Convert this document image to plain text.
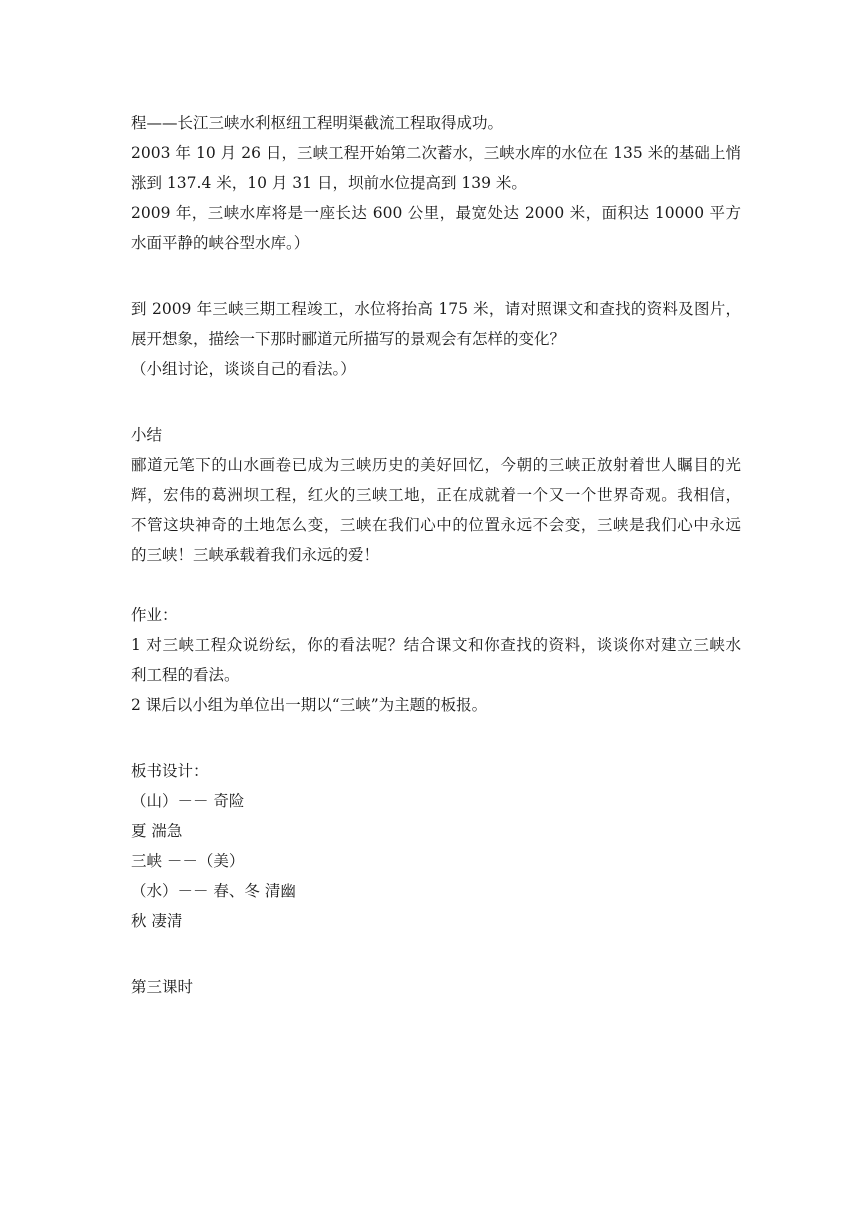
程——长江三峡水利枢纽工程明渠截流工程取得成功。
2003 年 10 月 26 日，三峡工程开始第二次蓄水，三峡水库的水位在 135 米的基础上悄
涨到 137.4 米，10 月 31 日，坝前水位提高到 139 米。
2009 年，三峡水库将是一座长达 600 公里，最宽处达 2000 米，面积达 10000 平方
水面平静的峡谷型水库。）
到 2009 年三峡三期工程竣工，水位将抬高 175 米，请对照课文和查找的资料及图片，
展开想象，描绘一下那时郦道元所描写的景观会有怎样的变化？
（小组讨论，谈谈自己的看法。）
小结
郦道元笔下的山水画卷已成为三峡历史的美好回忆，今朝的三峡正放射着世人瞩目的光
辉，宏伟的葛洲坝工程，红火的三峡工地，正在成就着一个又一个世界奇观。我相信，
不管这块神奇的土地怎么变，三峡在我们心中的位置永远不会变，三峡是我们心中永远
的三峡！三峡承载着我们永远的爱！
作业：
1 对三峡工程众说纷纭，你的看法呢？结合课文和你查找的资料，谈谈你对建立三峡水
利工程的看法。
2 课后以小组为单位出一期以“三峡”为主题的板报。
板书设计：
（山）－－ 奇险
夏 湍急
三峡 －－（美）
（水）－－ 春、冬 清幽
秋 凄清
第三课时
